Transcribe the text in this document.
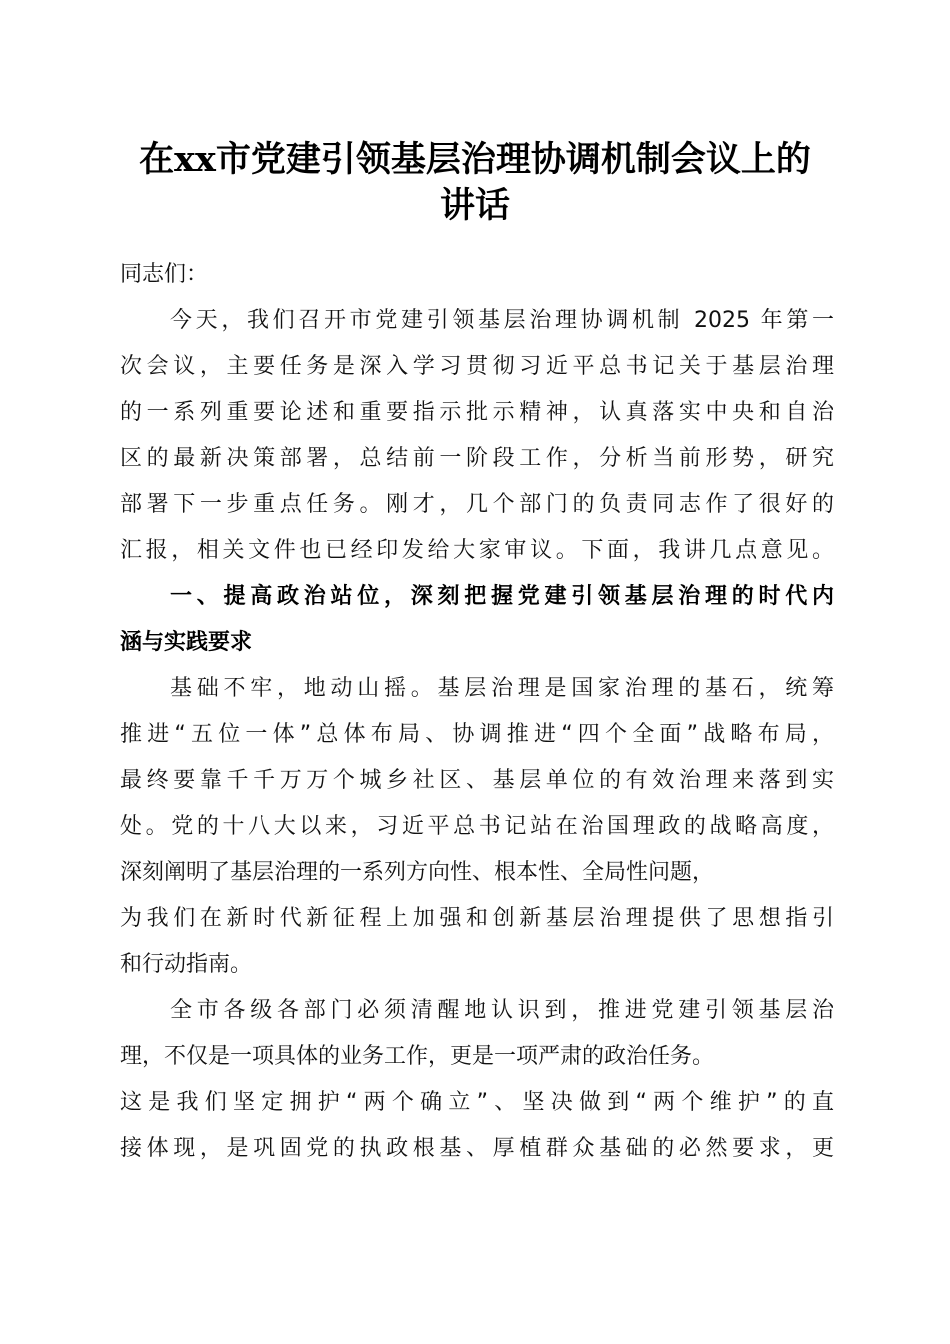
在xx市党建引领基层治理协调机制会议上的
讲话
同志们：
今天，我们召开市党建引领基层治理协调机制 2025 年第一
次会议，主要任务是深入学习贯彻习近平总书记关于基层治理
的一系列重要论述和重要指示批示精神，认真落实中央和自治
区的最新决策部署，总结前一阶段工作，分析当前形势，研究
部署下一步重点任务。刚才，几个部门的负责同志作了很好的
汇报，相关文件也已经印发给大家审议。下面，我讲几点意见。
一、提高政治站位，深刻把握党建引领基层治理的时代内
涵与实践要求
基础不牢，地动山摇。基层治理是国家治理的基石，统筹
推进“五位一体”总体布局、协调推进“四个全面”战略布局，
最终要靠千千万万个城乡社区、基层单位的有效治理来落到实
处。党的十八大以来，习近平总书记站在治国理政的战略高度，
深刻阐明了基层治理的一系列方向性、根本性、全局性问题，
为我们在新时代新征程上加强和创新基层治理提供了思想指引
和行动指南。
全市各级各部门必须清醒地认识到，推进党建引领基层治
理，不仅是一项具体的业务工作，更是一项严肃的政治任务。
这是我们坚定拥护“两个确立”、坚决做到“两个维护”的直
接体现，是巩固党的执政根基、厚植群众基础的必然要求，更
